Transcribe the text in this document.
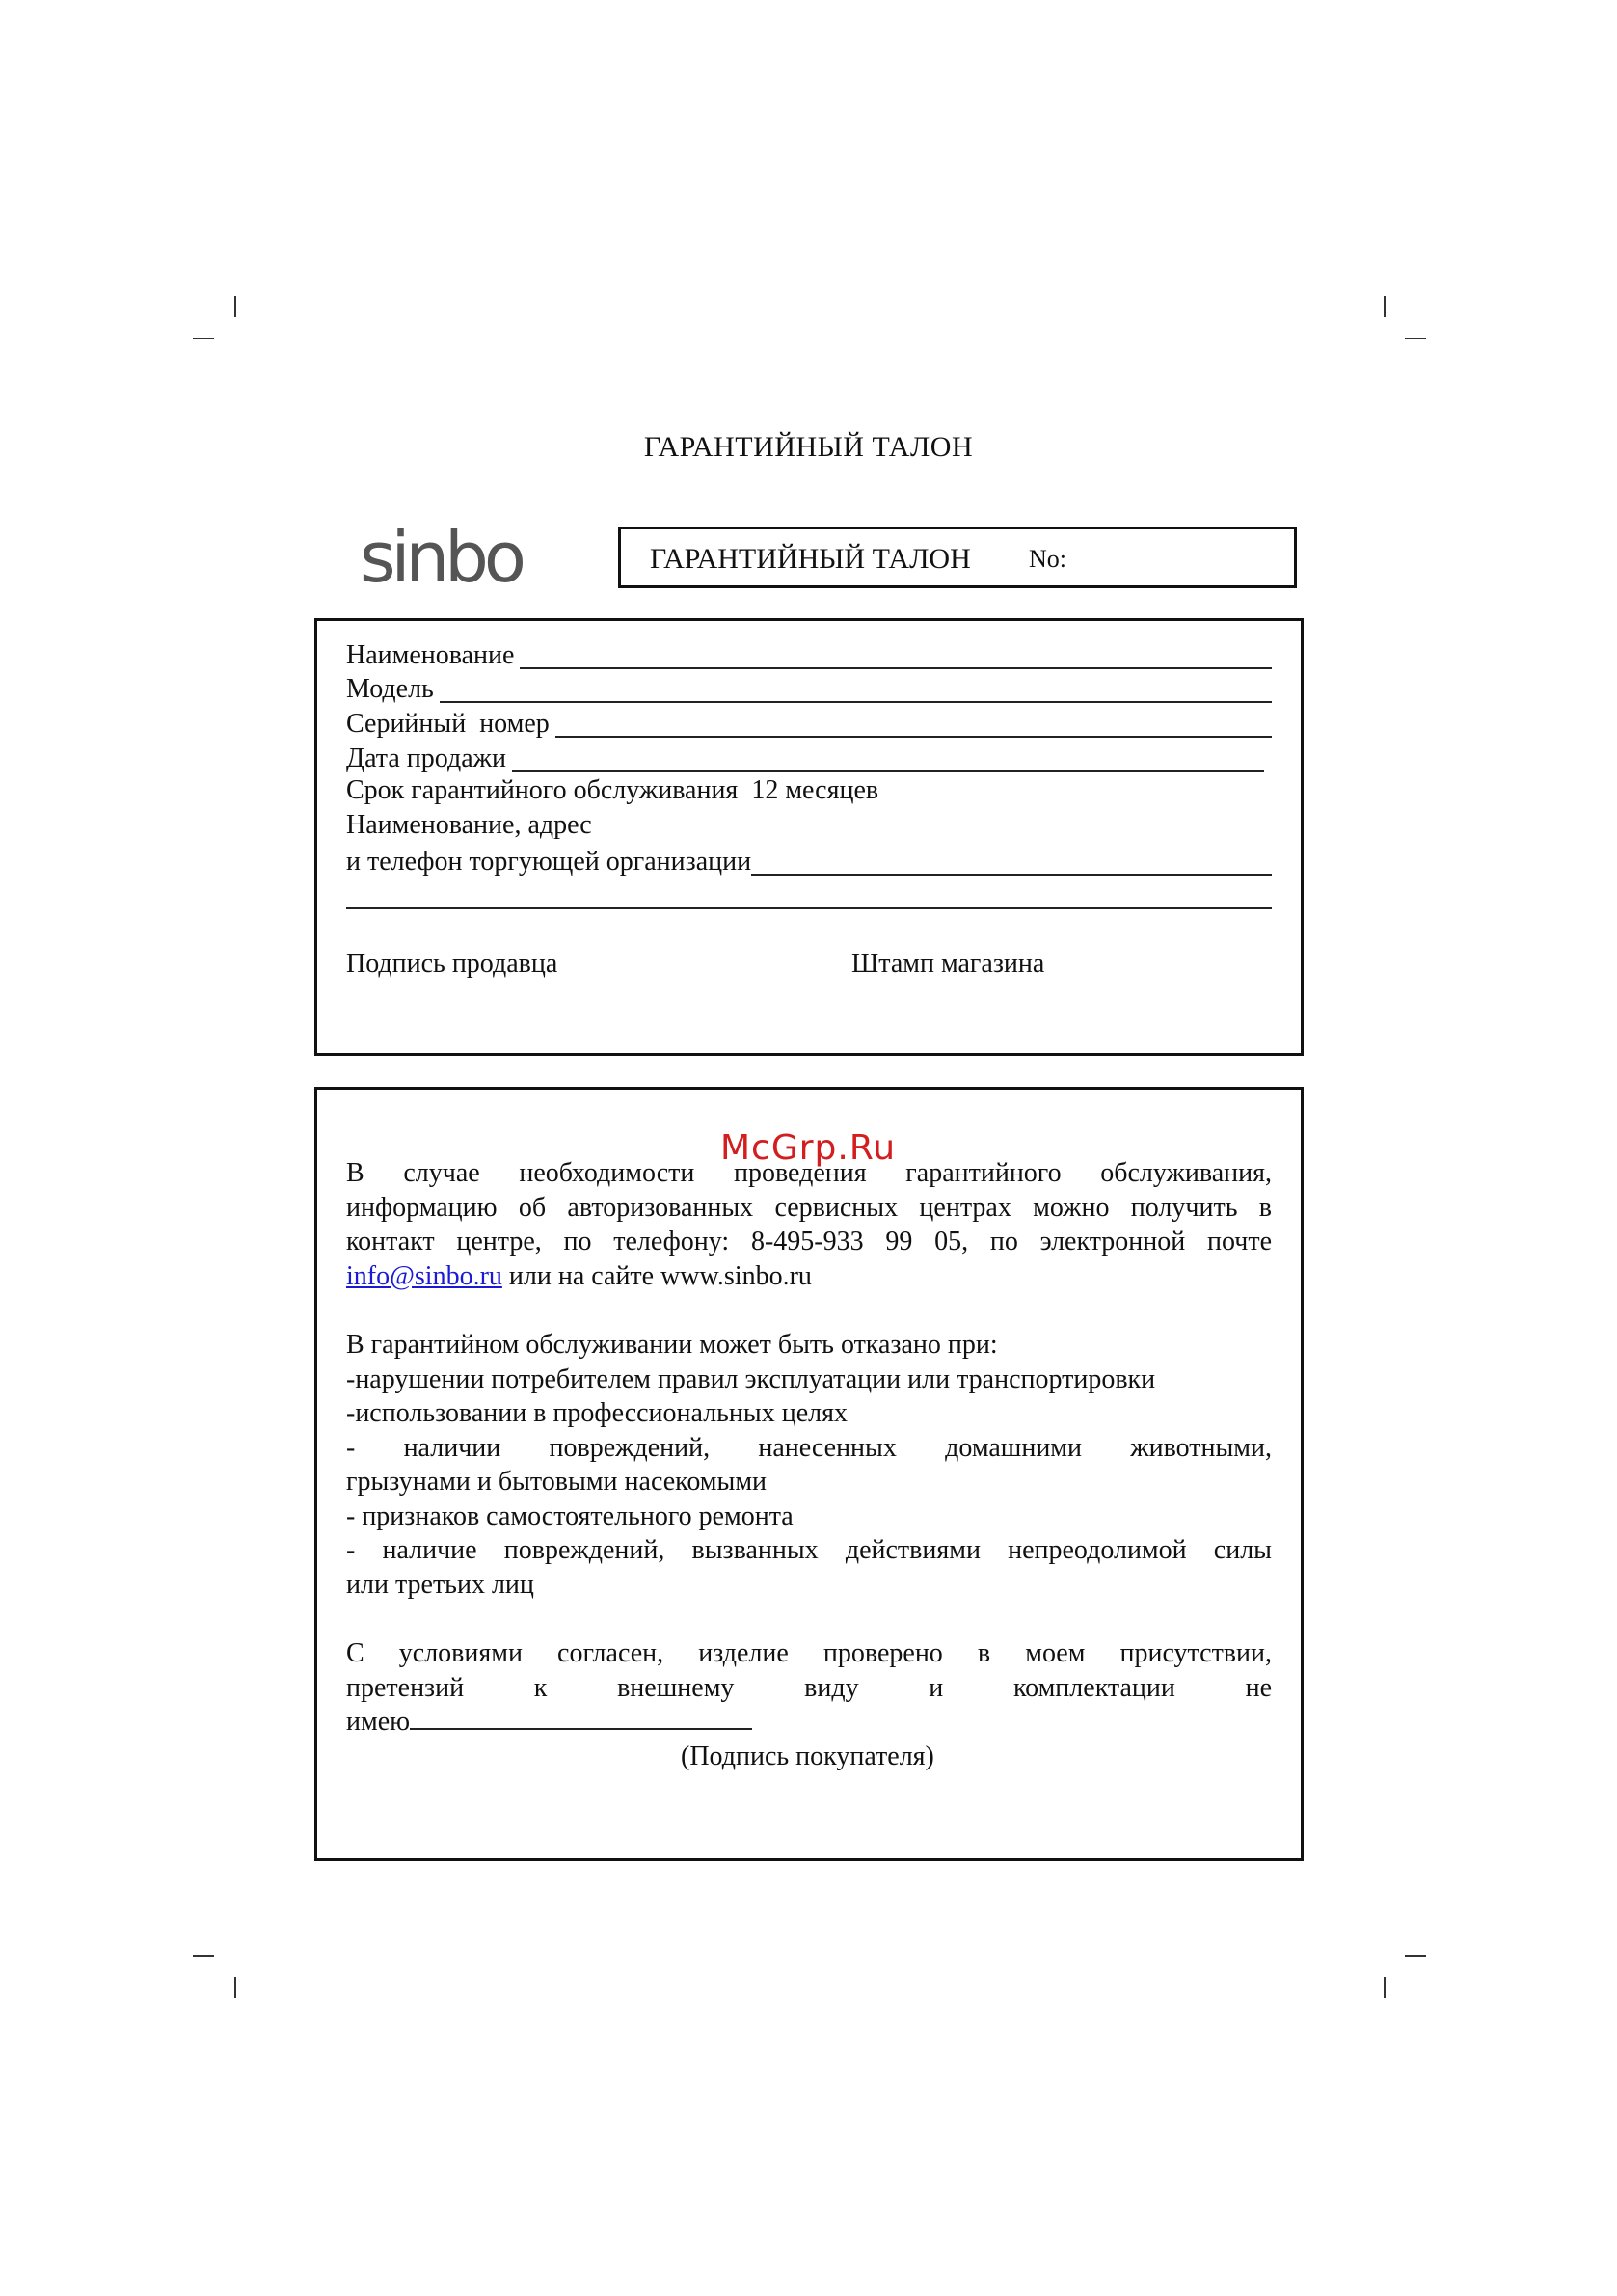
ГАРАНТИЙНЫЙ ТАЛОН
sinbo	ГАРАНТИЙНЫЙ ТАЛОН No:
Наименование
Модель
Серийный  номер
Дата продажи
Срок гарантийного обслуживания  12 месяцев
Наименование, адрес
и телефон торгующей организации
Подпись продавца	Штамп магазина
McGrp.Ru
В случае необходимости проведения гарантийного обслуживания,
информацию об авторизованных сервисных центрах можно получить в
контакт центре, по телефону: 8-495-933 99 05, по электронной почте
info@sinbo.ru или на сайте www.sinbo.ru
В гарантийном обслуживании может быть отказано при:
-нарушении потребителем правил эксплуатации или транспортировки
-использовании в профессиональных целях
- наличии повреждений, нанесенных домашними животными,
грызунами и бытовыми насекомыми
- признаков самостоятельного ремонта
- наличие повреждений, вызванных действиями непреодолимой силы
или третьих лиц
С условиями согласен, изделие проверено в моем присутствии,
претензий к внешнему виду и комплектации не
имею
(Подпись покупателя)
